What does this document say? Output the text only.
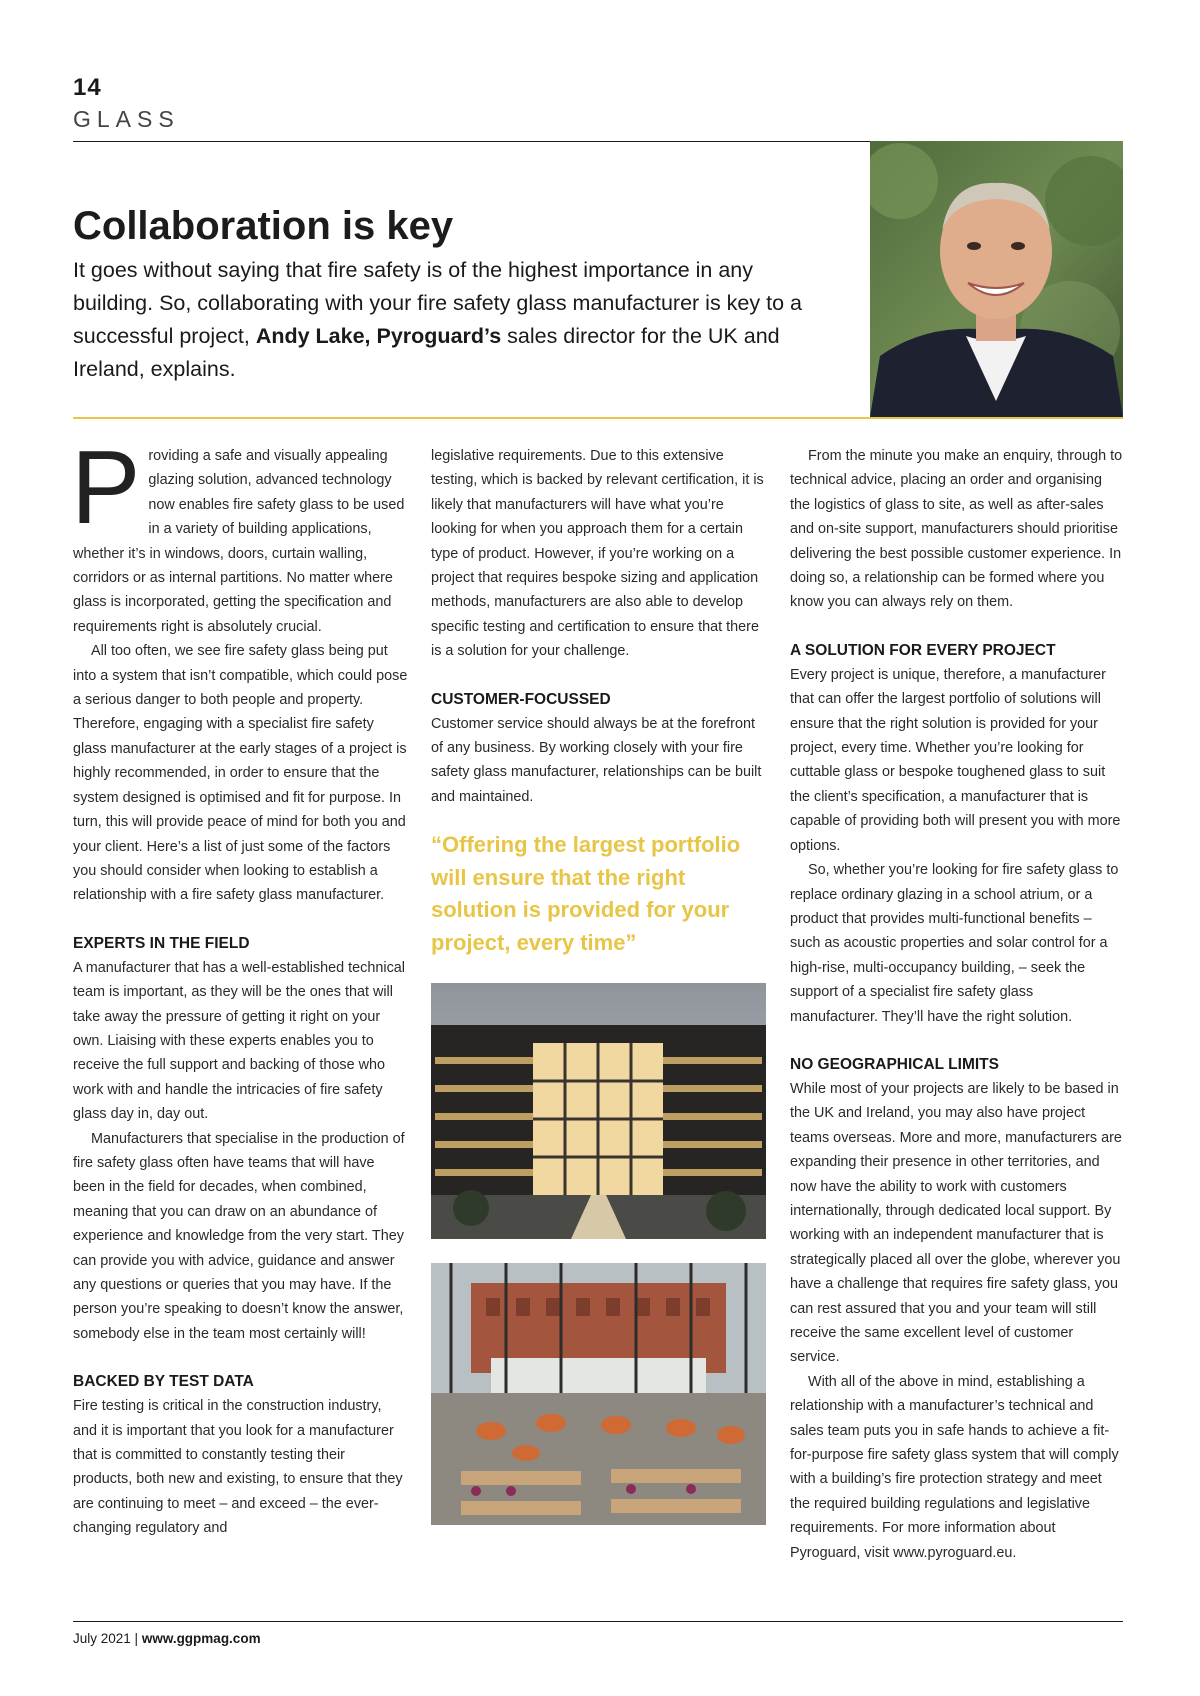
14
GLASS
Collaboration is key

It goes without saying that fire safety is of the highest importance in any building. So, collaborating with your fire safety glass manufacturer is key to a successful project, Andy Lake, Pyroguard’s sales director for the UK and Ireland, explains.

Providing a safe and visually appealing glazing solution, advanced technology now enables fire safety glass to be used in a variety of building applications, whether it’s in windows, doors, curtain walling, corridors or as internal partitions. No matter where glass is incorporated, getting the specification and requirements right is absolutely crucial.

All too often, we see fire safety glass being put into a system that isn’t compatible, which could pose a serious danger to both people and property. Therefore, engaging with a specialist fire safety glass manufacturer at the early stages of a project is highly recommended, in order to ensure that the system designed is optimised and fit for purpose. In turn, this will provide peace of mind for both you and your client. Here’s a list of just some of the factors you should consider when looking to establish a relationship with a fire safety glass manufacturer.

EXPERTS IN THE FIELD

A manufacturer that has a well-established technical team is important, as they will be the ones that will take away the pressure of getting it right on your own. Liaising with these experts enables you to receive the full support and backing of those who work with and handle the intricacies of fire safety glass day in, day out.

Manufacturers that specialise in the production of fire safety glass often have teams that will have been in the field for decades, when combined, meaning that you can draw on an abundance of experience and knowledge from the very start. They can provide you with advice, guidance and answer any questions or queries that you may have. If the person you’re speaking to doesn’t know the answer, somebody else in the team most certainly will!

BACKED BY TEST DATA

Fire testing is critical in the construction industry, and it is important that you look for a manufacturer that is committed to constantly testing their products, both new and existing, to ensure that they are continuing to meet – and exceed – the ever-changing regulatory and

legislative requirements. Due to this extensive testing, which is backed by relevant certification, it is likely that manufacturers will have what you’re looking for when you approach them for a certain type of product. However, if you’re working on a project that requires bespoke sizing and application methods, manufacturers are also able to develop specific testing and certification to ensure that there is a solution for your challenge.

CUSTOMER-FOCUSSED

Customer service should always be at the forefront of any business. By working closely with your fire safety glass manufacturer, relationships can be built and maintained.

“Offering the largest portfolio will ensure that the right solution is provided for your project, every time”

From the minute you make an enquiry, through to technical advice, placing an order and organising the logistics of glass to site, as well as after-sales and on-site support, manufacturers should prioritise delivering the best possible customer experience. In doing so, a relationship can be formed where you know you can always rely on them.

A SOLUTION FOR EVERY PROJECT

Every project is unique, therefore, a manufacturer that can offer the largest portfolio of solutions will ensure that the right solution is provided for your project, every time. Whether you’re looking for cuttable glass or bespoke toughened glass to suit the client’s specification, a manufacturer that is capable of providing both will present you with more options.

So, whether you’re looking for fire safety glass to replace ordinary glazing in a school atrium, or a product that provides multi-functional benefits – such as acoustic properties and solar control for a high-rise, multi-occupancy building, – seek the support of a specialist fire safety glass manufacturer. They’ll have the right solution.

NO GEOGRAPHICAL LIMITS

While most of your projects are likely to be based in the UK and Ireland, you may also have project teams overseas. More and more, manufacturers are expanding their presence in other territories, and now have the ability to work with customers internationally, through dedicated local support. By working with an independent manufacturer that is strategically placed all over the globe, wherever you have a challenge that requires fire safety glass, you can rest assured that you and your team will still receive the same excellent level of customer service.

With all of the above in mind, establishing a relationship with a manufacturer’s technical and sales team puts you in safe hands to achieve a fit-for-purpose fire safety glass system that will comply with a building’s fire protection strategy and meet the required building regulations and legislative requirements. For more information about Pyroguard, visit www.pyroguard.eu.

July 2021 | www.ggpmag.com
